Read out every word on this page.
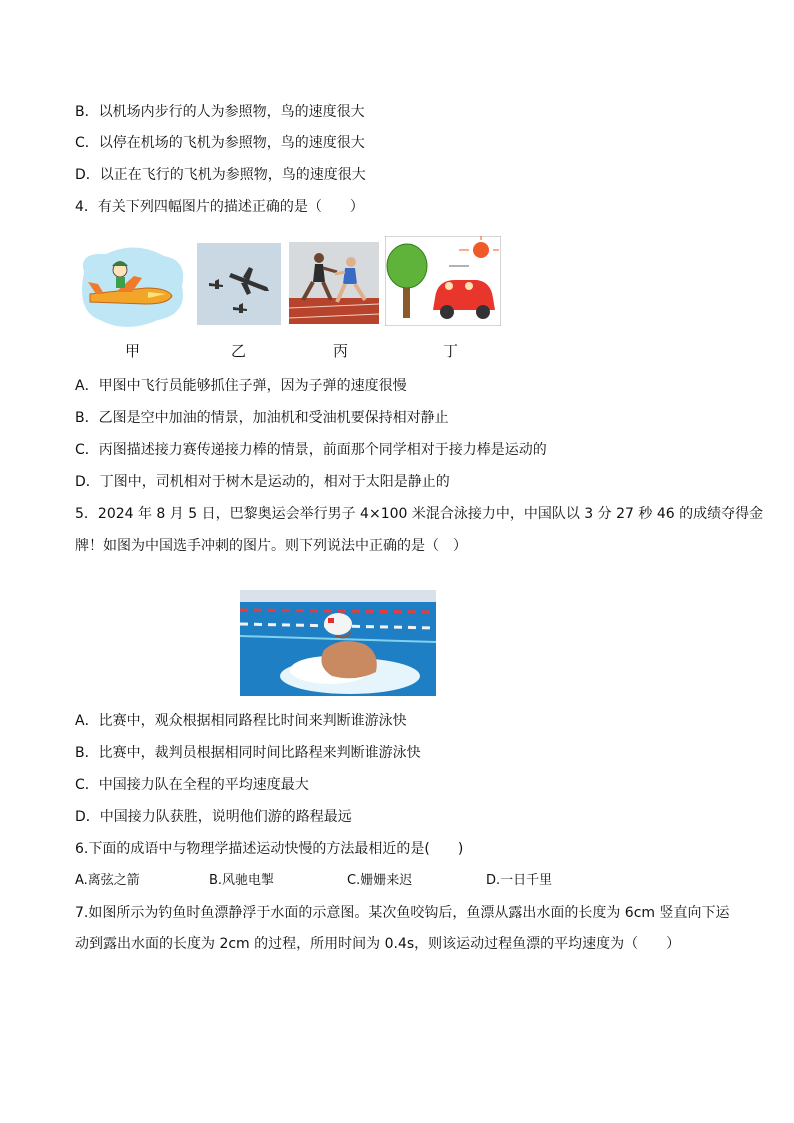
B．以机场内步行的人为参照物，鸟的速度很大
C．以停在机场的飞机为参照物，鸟的速度很大
D．以正在飞行的飞机为参照物，鸟的速度很大
4．有关下列四幅图片的描述正确的是（　　）
甲	乙	丙	丁
A．甲图中飞行员能够抓住子弹，因为子弹的速度很慢
B．乙图是空中加油的情景，加油机和受油机要保持相对静止
C．丙图描述接力赛传递接力棒的情景，前面那个同学相对于接力棒是运动的
D．丁图中，司机相对于树木是运动的，相对于太阳是静止的
5．2024 年 8 月 5 日，巴黎奥运会举行男子 4×100 米混合泳接力中，中国队以 3 分 27 秒 46 的成绩夺得金
牌！如图为中国选手冲刺的图片。则下列说法中正确的是（　）
A．比赛中，观众根据相同路程比时间来判断谁游泳快
B．比赛中，裁判员根据相同时间比路程来判断谁游泳快
C．中国接力队在全程的平均速度最大
D．中国接力队获胜，说明他们游的路程最远
6.下面的成语中与物理学描述运动快慢的方法最相近的是(　　)
A.离弦之箭	B.风驰电掣	C.姗姗来迟	D.一日千里
7.如图所示为钓鱼时鱼漂静浮于水面的示意图。某次鱼咬钩后，鱼漂从露出水面的长度为 6cm 竖直向下运
动到露出水面的长度为 2cm 的过程，所用时间为 0.4s，则该运动过程鱼漂的平均速度为（　　）
